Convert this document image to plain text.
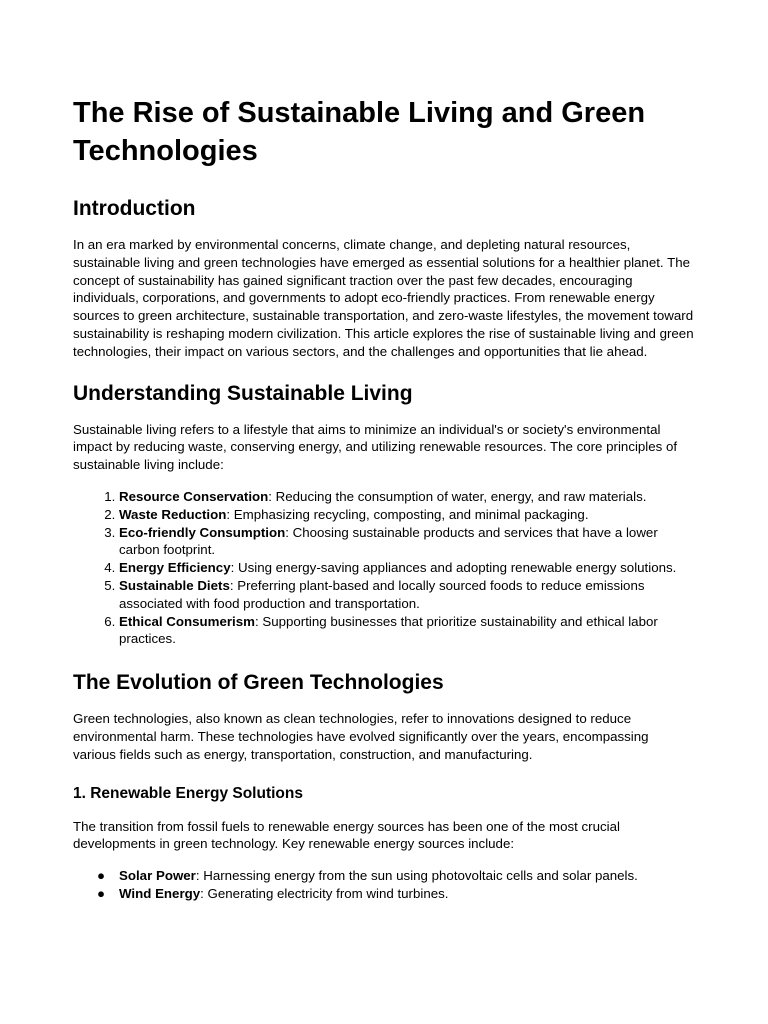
The Rise of Sustainable Living and Green Technologies
Introduction

In an era marked by environmental concerns, climate change, and depleting natural resources, sustainable living and green technologies have emerged as essential solutions for a healthier planet. The concept of sustainability has gained significant traction over the past few decades, encouraging individuals, corporations, and governments to adopt eco-friendly practices. From renewable energy sources to green architecture, sustainable transportation, and zero-waste lifestyles, the movement toward sustainability is reshaping modern civilization. This article explores the rise of sustainable living and green technologies, their impact on various sectors, and the challenges and opportunities that lie ahead.

Understanding Sustainable Living

Sustainable living refers to a lifestyle that aims to minimize an individual's or society's environmental impact by reducing waste, conserving energy, and utilizing renewable resources. The core principles of sustainable living include:

1. Resource Conservation: Reducing the consumption of water, energy, and raw materials.
2. Waste Reduction: Emphasizing recycling, composting, and minimal packaging.
3. Eco-friendly Consumption: Choosing sustainable products and services that have a lower carbon footprint.
4. Energy Efficiency: Using energy-saving appliances and adopting renewable energy solutions.
5. Sustainable Diets: Preferring plant-based and locally sourced foods to reduce emissions associated with food production and transportation.
6. Ethical Consumerism: Supporting businesses that prioritize sustainability and ethical labor practices.
The Evolution of Green Technologies

Green technologies, also known as clean technologies, refer to innovations designed to reduce environmental harm. These technologies have evolved significantly over the years, encompassing various fields such as energy, transportation, construction, and manufacturing.

1. Renewable Energy Solutions

The transition from fossil fuels to renewable energy sources has been one of the most crucial developments in green technology. Key renewable energy sources include:

● Solar Power: Harnessing energy from the sun using photovoltaic cells and solar panels.
● Wind Energy: Generating electricity from wind turbines.
